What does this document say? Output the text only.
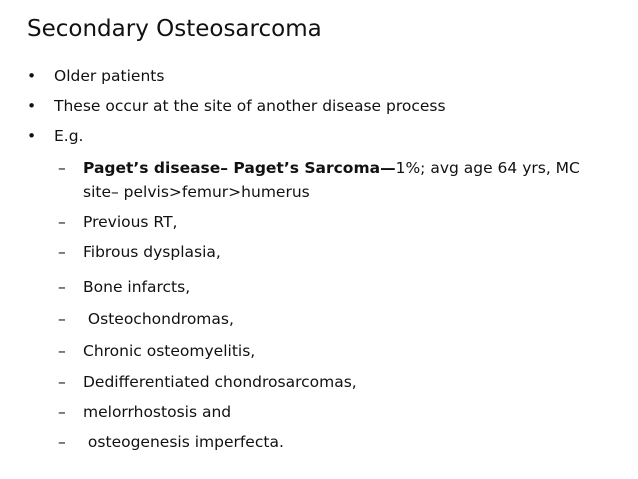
Secondary Osteosarcoma
• Older patients
• These occur at the site of another disease process
• E.g.
–	Paget’s disease– Paget’s Sarcoma—1%; avg age 64 yrs, MC site– pelvis>femur>humerus
–	Previous RT,
–	Fibrous dysplasia,
–	Bone infarcts,
–	Osteochondromas,
–	Chronic osteomyelitis,
–	Dedifferentiated chondrosarcomas,
–	melorrhostosis and
–	osteogenesis imperfecta.
